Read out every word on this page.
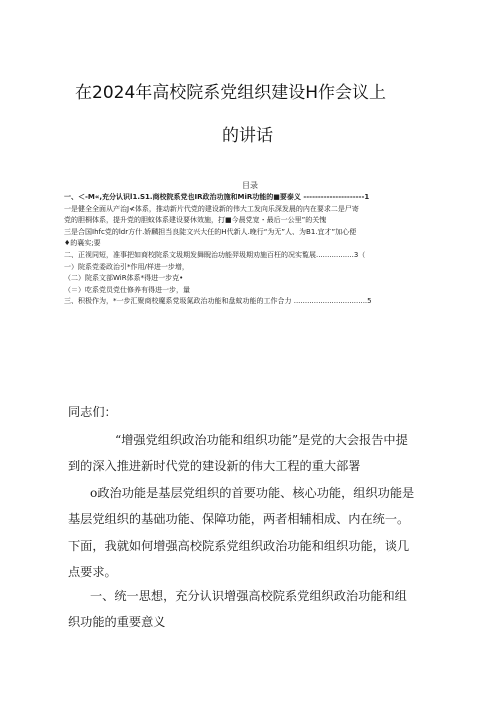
在2024年高校院系党组织建设H作会议上
的讲话
目录
一、＜-M«,充分认识l1.S1.商校院系党也IR政治功施和MiR功能的■要泰义 ---------------------1
一是健全全面从产治J≮体系，推动新片代党的建设新的伟大工发向乐深发晨的内在要求二是尸寄
党的胆桐体系，提升党的胆蚊体系建设要休效施，打■今晨党宽・最后一公里”的关愧
三是合国Ihfc党的ldr方什.娇麟担当良陡文兴大任的H代新人.晚行“为无”人、为B1.宜才”加心便
♦的襄实;要
二、正视同短，准事把如商校院系文圾期发舞睨治功能羿圾期劝施百枉的况实覧展.................3（
一）院系党委政治引*作用/样进一步增，
（二）院系文部WiR体系*得进一步克•
（＝）吃系党员党仕修养有得进一步，量
三、积极作为，*一步汇聚商校魔系党圾氮政治功能和盘蚊功能的工作合力 .................................5
同志们：
“增强党组织政治功能和组织功能”是党的大会报告中提
到的深入推进新时代党的建设新的伟大工程的重大部署
o政治功能是基层党组织的首要功能、核心功能，组织功能是
基层党组织的基础功能、保障功能，两者相辅相成、内在统一。
下面，我就如何增强高校院系党组织政治功能和组织功能，谈几
点要求。
一、统一思想，充分认识增强高校院系党组织政治功能和组
织功能的重要意义
